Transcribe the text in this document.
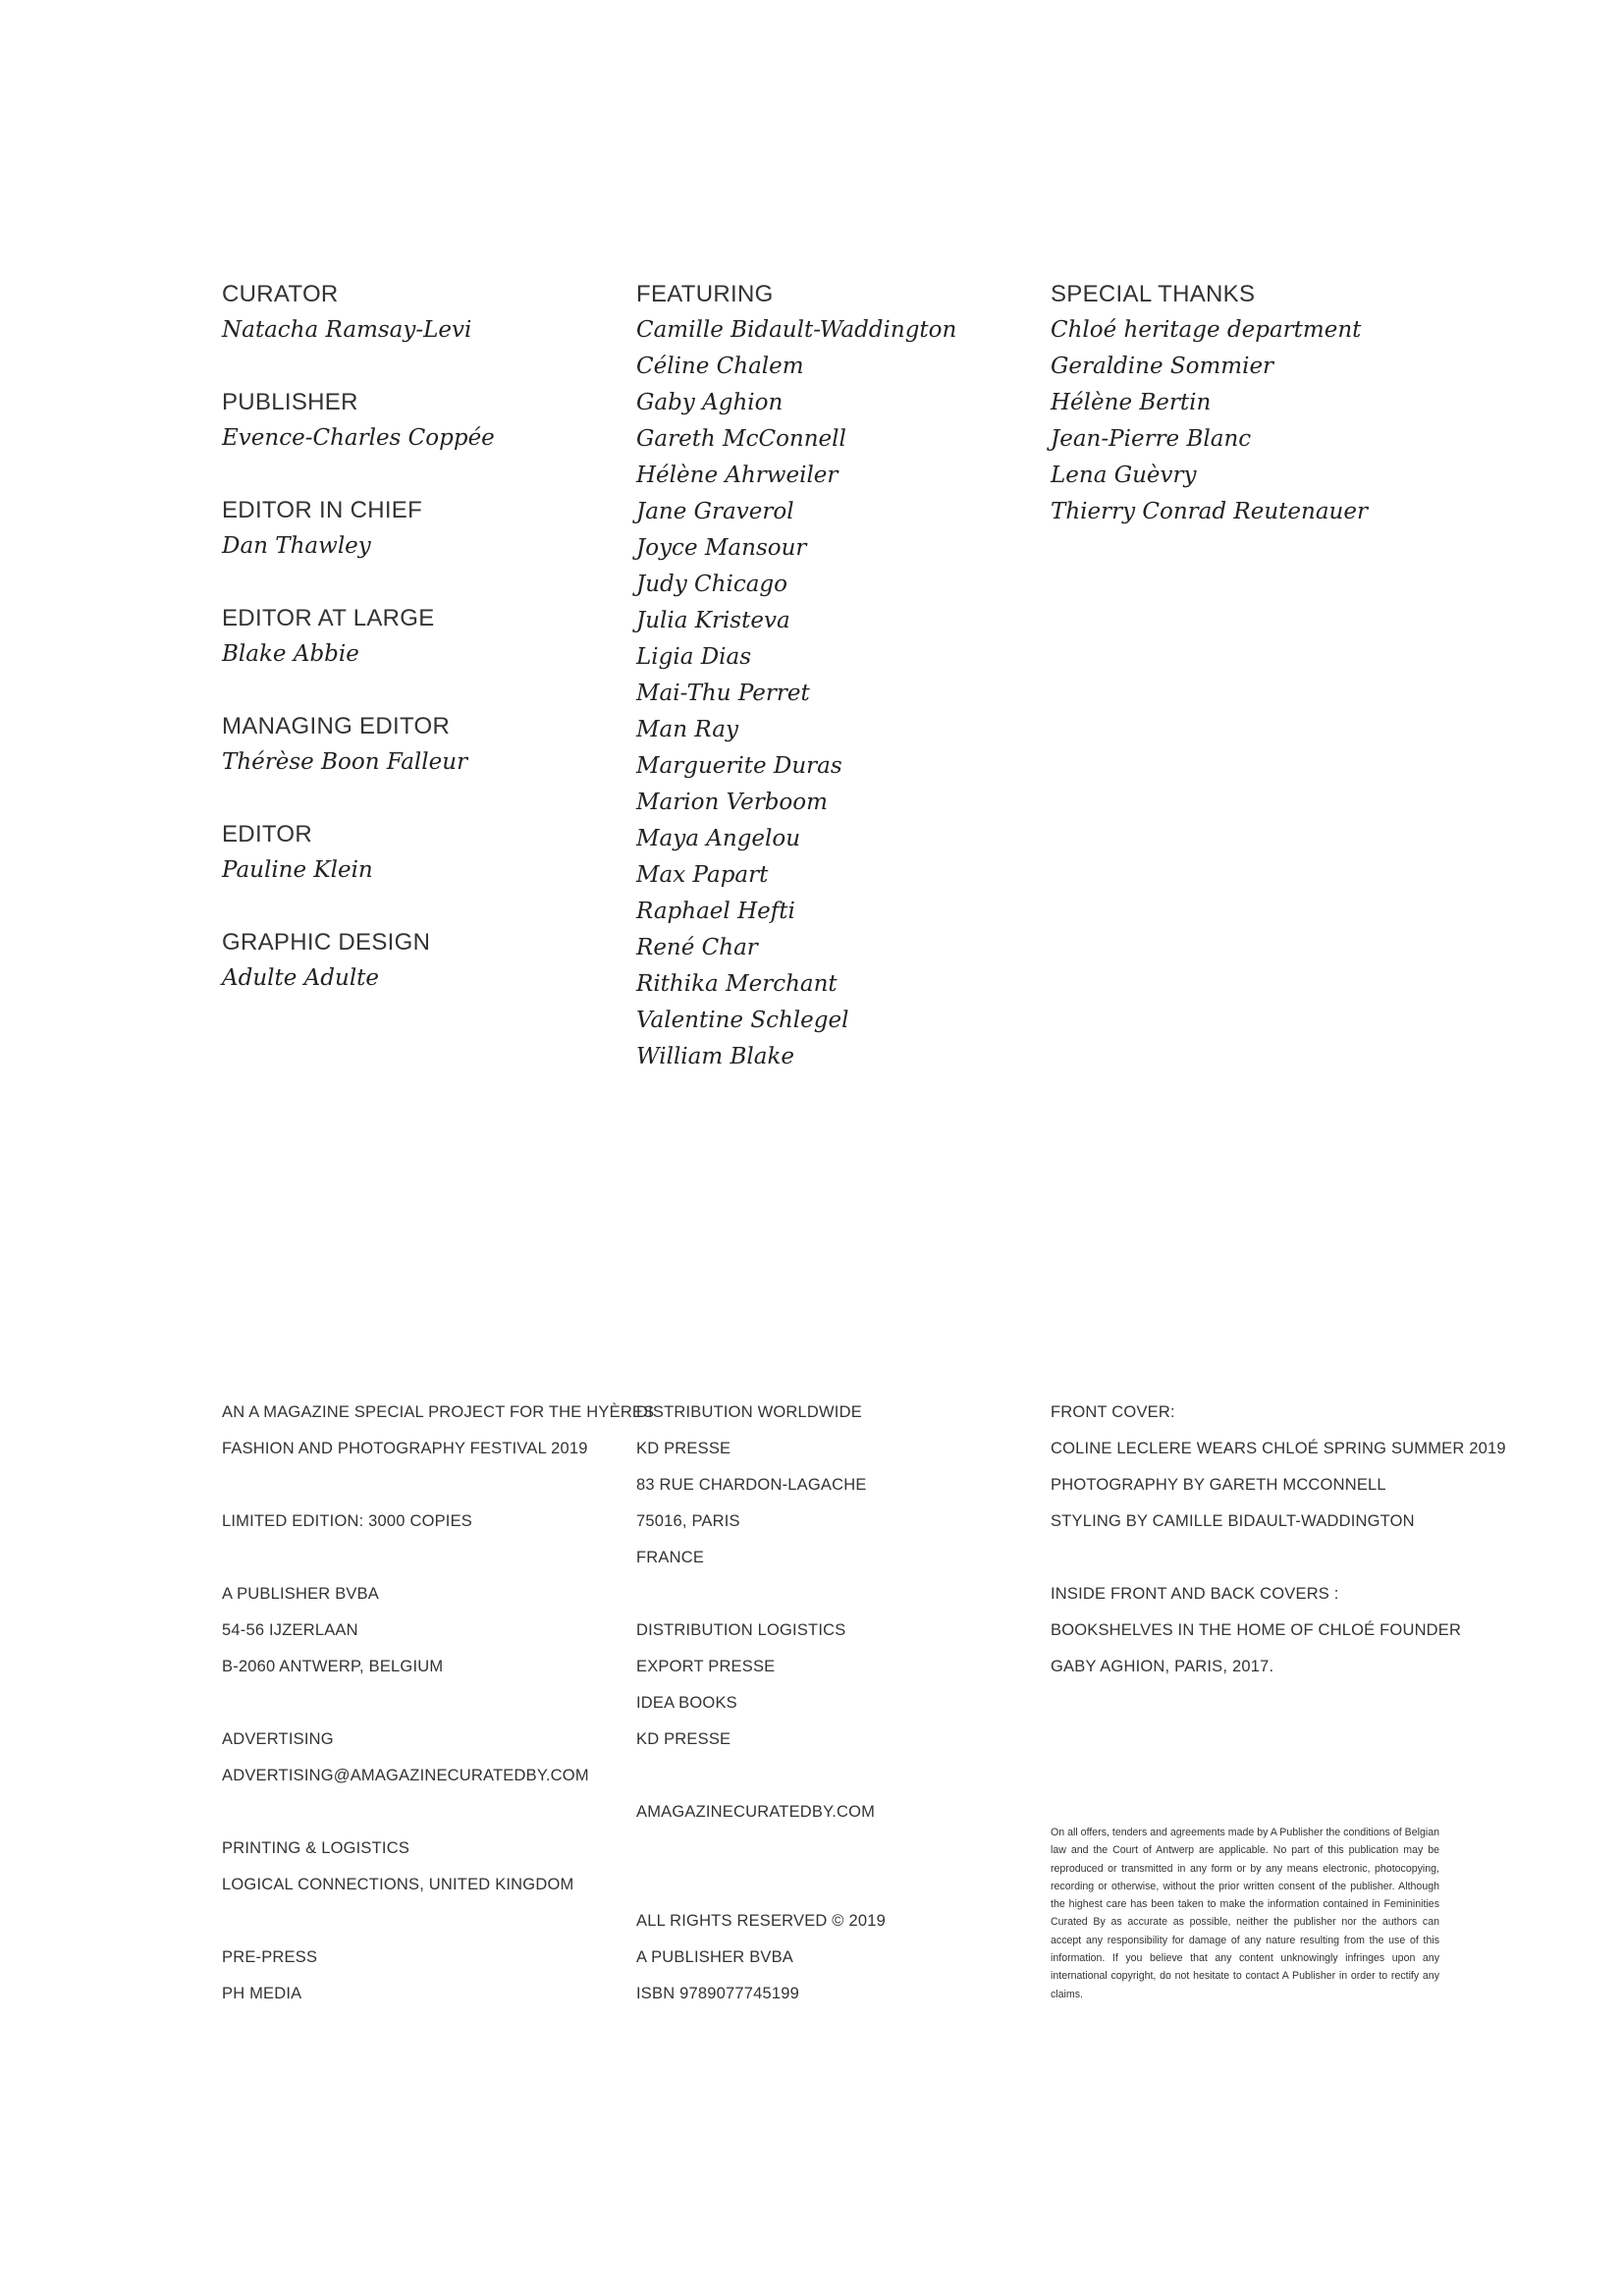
CURATOR
Natacha Ramsay-Levi
PUBLISHER
Evence-Charles Coppée
EDITOR IN CHIEF
Dan Thawley
EDITOR AT LARGE
Blake Abbie
MANAGING EDITOR
Thérèse Boon Falleur
EDITOR
Pauline Klein
GRAPHIC DESIGN
Adulte Adulte
FEATURING
Camille Bidault-Waddington
Céline Chalem
Gaby Aghion
Gareth McConnell
Hélène Ahrweiler
Jane Graverol
Joyce Mansour
Judy Chicago
Julia Kristeva
Ligia Dias
Mai-Thu Perret
Man Ray
Marguerite Duras
Marion Verboom
Maya Angelou
Max Papart
Raphael Hefti
René Char
Rithika Merchant
Valentine Schlegel
William Blake
SPECIAL THANKS
Chloé heritage department
Geraldine Sommier
Hélène Bertin
Jean-Pierre Blanc
Lena Guèvry
Thierry Conrad Reutenauer
AN A MAGAZINE SPECIAL PROJECT FOR THE HYÈRES
FASHION AND PHOTOGRAPHY FESTIVAL 2019
LIMITED EDITION: 3000 COPIES
A PUBLISHER BVBA
54-56 IJZERLAAN
B-2060 ANTWERP, BELGIUM
ADVERTISING
ADVERTISING@AMAGAZINECURATEDBY.COM
PRINTING & LOGISTICS
LOGICAL CONNECTIONS, UNITED KINGDOM
PRE-PRESS
PH MEDIA
DISTRIBUTION WORLDWIDE
KD PRESSE
83 RUE CHARDON-LAGACHE
75016, PARIS
FRANCE
DISTRIBUTION LOGISTICS
EXPORT PRESSE
IDEA BOOKS
KD PRESSE
AMAGAZINECURATEDBY.COM
ALL RIGHTS RESERVED © 2019
A PUBLISHER BVBA
ISBN 9789077745199
FRONT COVER:
COLINE LECLERE WEARS CHLOÉ SPRING SUMMER 2019
PHOTOGRAPHY BY GARETH MCCONNELL
STYLING BY CAMILLE BIDAULT-WADDINGTON
INSIDE FRONT AND BACK COVERS :
BOOKSHELVES IN THE HOME OF CHLOÉ FOUNDER
GABY AGHION, PARIS, 2017.

On all offers, tenders and agreements made by A Publisher the conditions of Belgian law and the Court of Antwerp are applicable. No part of this publication may be reproduced or transmitted in any form or by any means electronic, photocopying, recording or otherwise, without the prior written consent of the publisher. Although the highest care has been taken to make the information contained in Femininities Curated By as accurate as possible, neither the publisher nor the authors can accept any responsibility for damage of any nature resulting from the use of this information. If you believe that any content unknowingly infringes upon any international copyright, do not hesitate to contact A Publisher in order to rectify any claims.
